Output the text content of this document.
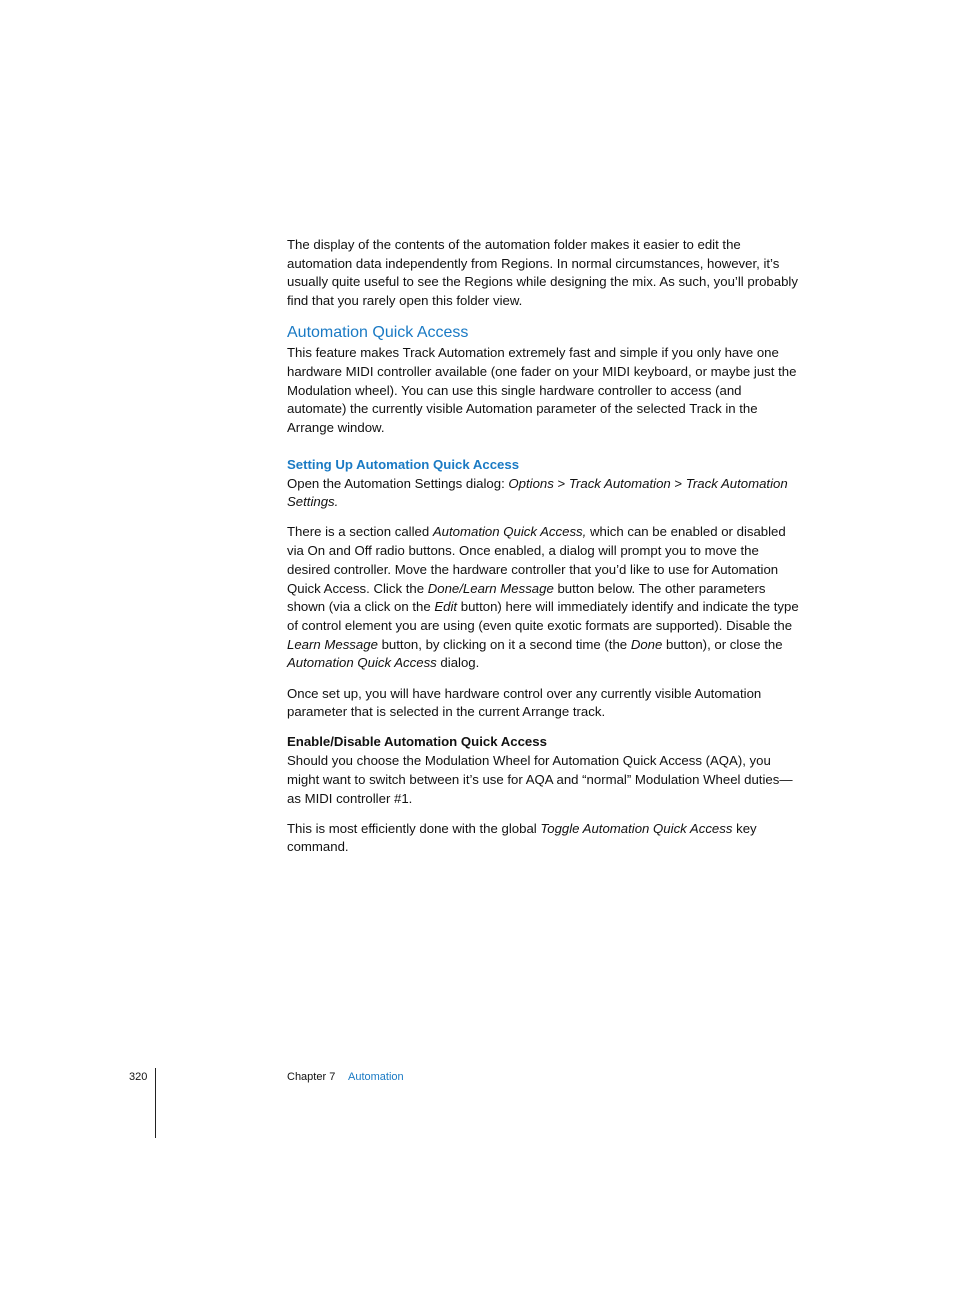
The display of the contents of the automation folder makes it easier to edit the automation data independently from Regions. In normal circumstances, however, it’s usually quite useful to see the Regions while designing the mix. As such, you’ll probably find that you rarely open this folder view.

Automation Quick Access

This feature makes Track Automation extremely fast and simple if you only have one hardware MIDI controller available (one fader on your MIDI keyboard, or maybe just the Modulation wheel). You can use this single hardware controller to access (and automate) the currently visible Automation parameter of the selected Track in the Arrange window.

Setting Up Automation Quick Access

Open the Automation Settings dialog: Options > Track Automation > Track Automation Settings.

There is a section called Automation Quick Access, which can be enabled or disabled via On and Off radio buttons. Once enabled, a dialog will prompt you to move the desired controller. Move the hardware controller that you’d like to use for Automation Quick Access. Click the Done/Learn Message button below. The other parameters shown (via a click on the Edit button) here will immediately identify and indicate the type of control element you are using (even quite exotic formats are supported). Disable the Learn Message button, by clicking on it a second time (the Done button), or close the Automation Quick Access dialog.

Once set up, you will have hardware control over any currently visible Automation parameter that is selected in the current Arrange track.

Enable/Disable Automation Quick Access

Should you choose the Modulation Wheel for Automation Quick Access (AQA), you might want to switch between it’s use for AQA and “normal” Modulation Wheel duties—as MIDI controller #1.

This is most efficiently done with the global Toggle Automation Quick Access key command.

320	Chapter 7 Automation
